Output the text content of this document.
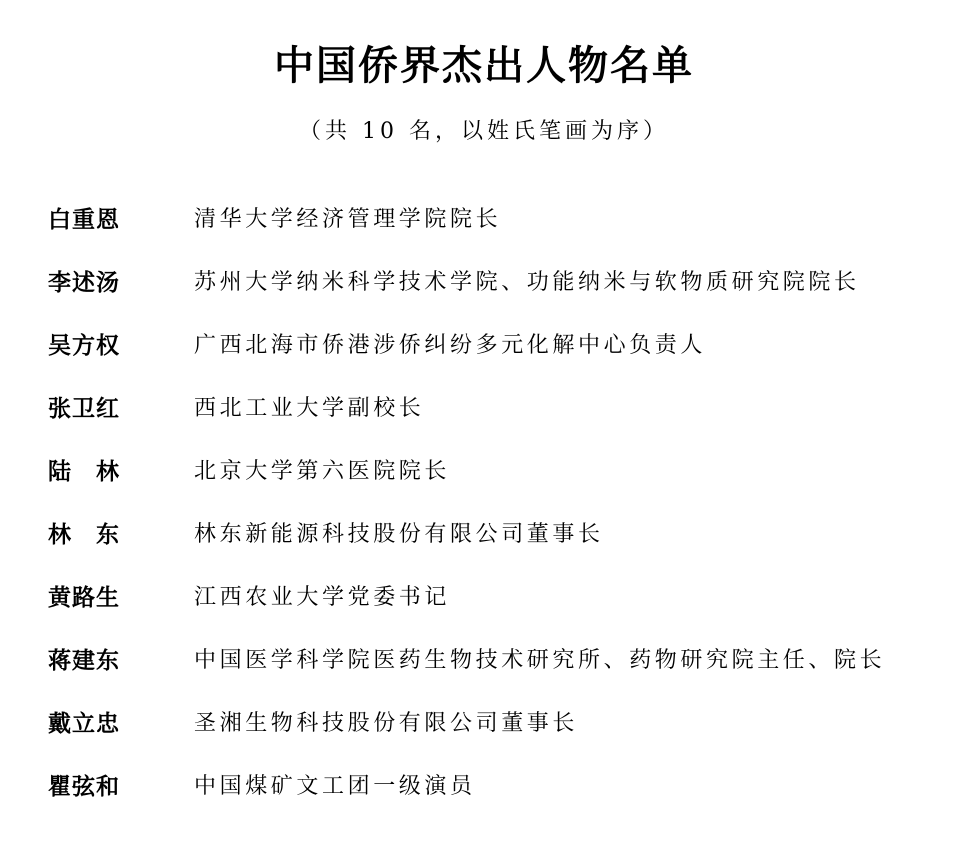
中国侨界杰出人物名单
（共 10 名，以姓氏笔画为序）
白重恩	清华大学经济管理学院院长
李述汤	苏州大学纳米科学技术学院、功能纳米与软物质研究院院长
吴方权	广西北海市侨港涉侨纠纷多元化解中心负责人
张卫红	西北工业大学副校长
陆　林	北京大学第六医院院长
林　东	林东新能源科技股份有限公司董事长
黄路生	江西农业大学党委书记
蒋建东	中国医学科学院医药生物技术研究所、药物研究院主任、院长
戴立忠	圣湘生物科技股份有限公司董事长
瞿弦和	中国煤矿文工团一级演员
